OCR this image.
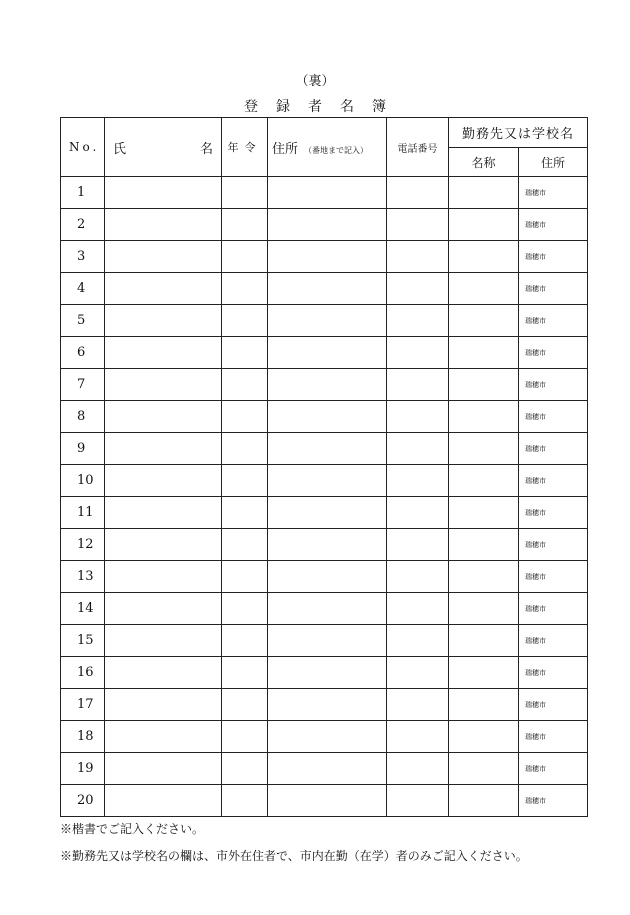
（裏）
登録者名簿
No.	氏 名	年令	住所 （番地まで記入）	電話番号	勤務先又は学校名	
					名称	住所
1						瑞穂市
2						瑞穂市
3						瑞穂市
4						瑞穂市
5						瑞穂市
6						瑞穂市
7						瑞穂市
8						瑞穂市
9						瑞穂市
10						瑞穂市
11						瑞穂市
12						瑞穂市
13						瑞穂市
14						瑞穂市
15						瑞穂市
16						瑞穂市
17						瑞穂市
18						瑞穂市
19						瑞穂市
20						瑞穂市
※楷書でご記入ください。
※勤務先又は学校名の欄は、市外在住者で、市内在勤（在学）者のみご記入ください。
